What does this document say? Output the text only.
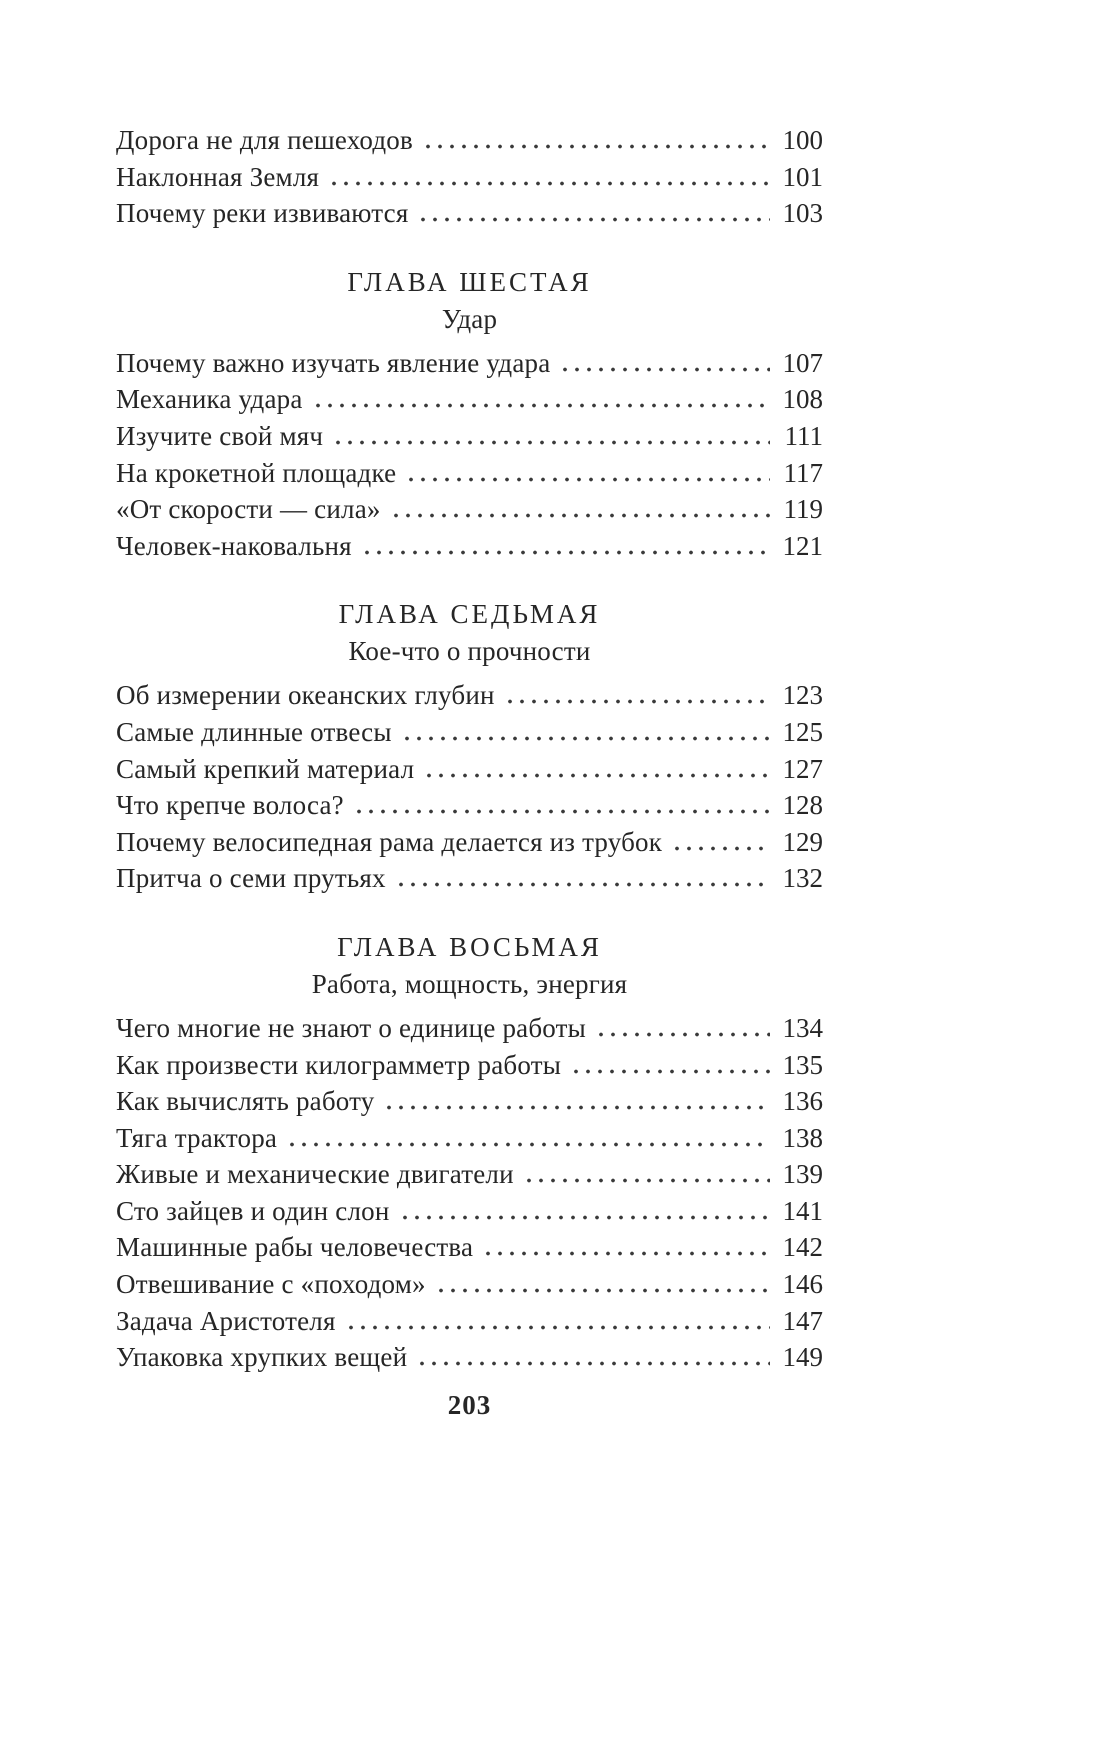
Дорога не для пешеходов	100
Наклонная Земля	101
Почему реки извиваются	103
ГЛАВА ШЕСТАЯ
Удар
Почему важно изучать явление удара	107
Механика удара	108
Изучите свой мяч	111
На крокетной площадке	117
«От скорости — сила»	119
Человек-наковальня	121
ГЛАВА СЕДЬМАЯ
Кое-что о прочности
Об измерении океанских глубин	123
Самые длинные отвесы	125
Самый крепкий материал	127
Что крепче волоса?	128
Почему велосипедная рама делается из трубок	129
Притча о семи прутьях	132
ГЛАВА ВОСЬМАЯ
Работа, мощность, энергия
Чего многие не знают о единице работы	134
Как произвести килограмметр работы	135
Как вычислять работу	136
Тяга трактора	138
Живые и механические двигатели	139
Сто зайцев и один слон	141
Машинные рабы человечества	142
Отвешивание с «походом»	146
Задача Аристотеля	147
Упаковка хрупких вещей	149
203
